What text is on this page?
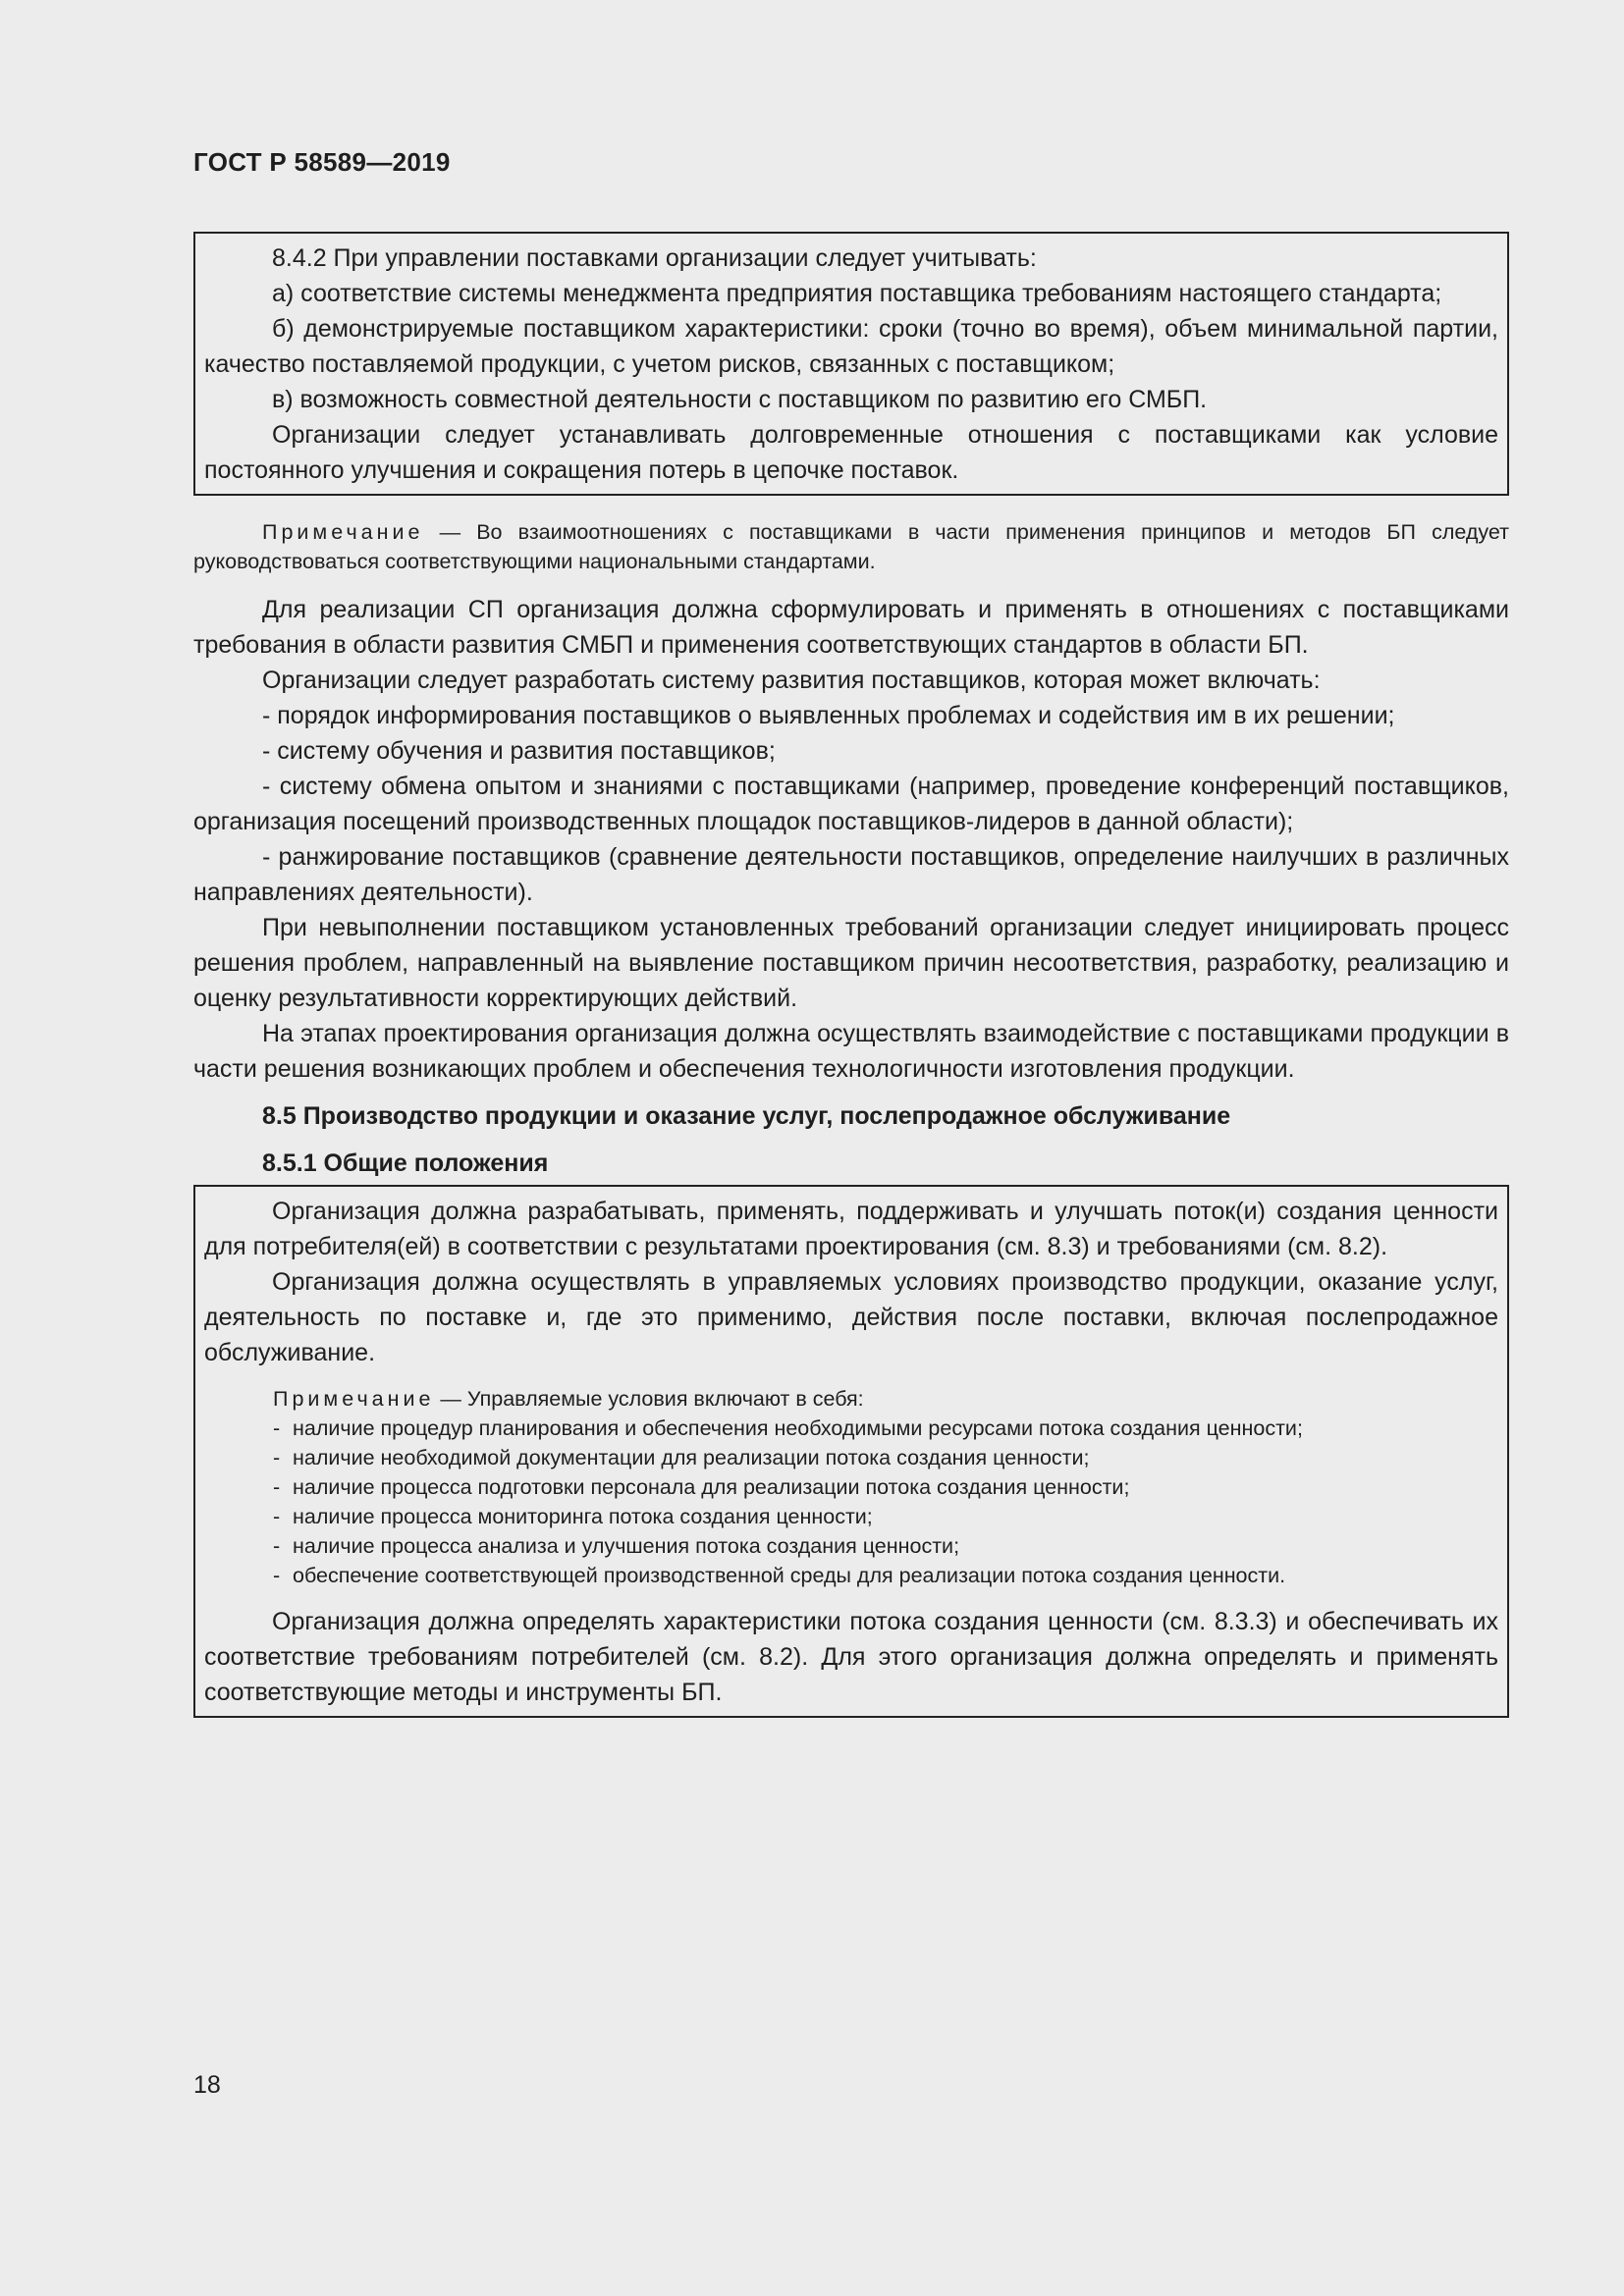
ГОСТ Р 58589—2019

8.4.2 При управлении поставками организации следует учитывать:

а) соответствие системы менеджмента предприятия поставщика требованиям настоящего стандарта;

б) демонстрируемые поставщиком характеристики: сроки (точно во время), объем минимальной партии, качество поставляемой продукции, с учетом рисков, связанных с поставщиком;

в) возможность совместной деятельности с поставщиком по развитию его СМБП.

Организации следует устанавливать долговременные отношения с поставщиками как условие постоянного улучшения и сокращения потерь в цепочке поставок.

Примечание — Во взаимоотношениях с поставщиками в части применения принципов и методов БП следует руководствоваться соответствующими национальными стандартами.

Для реализации СП организация должна сформулировать и применять в отношениях с поставщиками требования в области развития СМБП и применения соответствующих стандартов в области БП.

Организации следует разработать систему развития поставщиков, которая может включать:

- порядок информирования поставщиков о выявленных проблемах и содействия им в их решении;

- систему обучения и развития поставщиков;

- систему обмена опытом и знаниями с поставщиками (например, проведение конференций поставщиков, организация посещений производственных площадок поставщиков-лидеров в данной области);

- ранжирование поставщиков (сравнение деятельности поставщиков, определение наилучших в различных направлениях деятельности).

При невыполнении поставщиком установленных требований организации следует инициировать процесс решения проблем, направленный на выявление поставщиком причин несоответствия, разработку, реализацию и оценку результативности корректирующих действий.

На этапах проектирования организация должна осуществлять взаимодействие с поставщиками продукции в части решения возникающих проблем и обеспечения технологичности изготовления продукции.

8.5 Производство продукции и оказание услуг, послепродажное обслуживание
8.5.1 Общие положения

Организация должна разрабатывать, применять, поддерживать и улучшать поток(и) создания ценности для потребителя(ей) в соответствии с результатами проектирования (см. 8.3) и требованиями (см. 8.2).

Организация должна осуществлять в управляемых условиях производство продукции, оказание услуг, деятельность по поставке и, где это применимо, действия после поставки, включая послепродажное обслуживание.

Примечание — Управляемые условия включают в себя:

- наличие процедур планирования и обеспечения необходимыми ресурсами потока создания ценности;

- наличие необходимой документации для реализации потока создания ценности;

- наличие процесса подготовки персонала для реализации потока создания ценности;

- наличие процесса мониторинга потока создания ценности;

- наличие процесса анализа и улучшения потока создания ценности;

- обеспечение соответствующей производственной среды для реализации потока создания ценности.

Организация должна определять характеристики потока создания ценности (см. 8.3.3) и обеспечивать их соответствие требованиям потребителей (см. 8.2). Для этого организация должна определять и применять соответствующие методы и инструменты БП.

18
